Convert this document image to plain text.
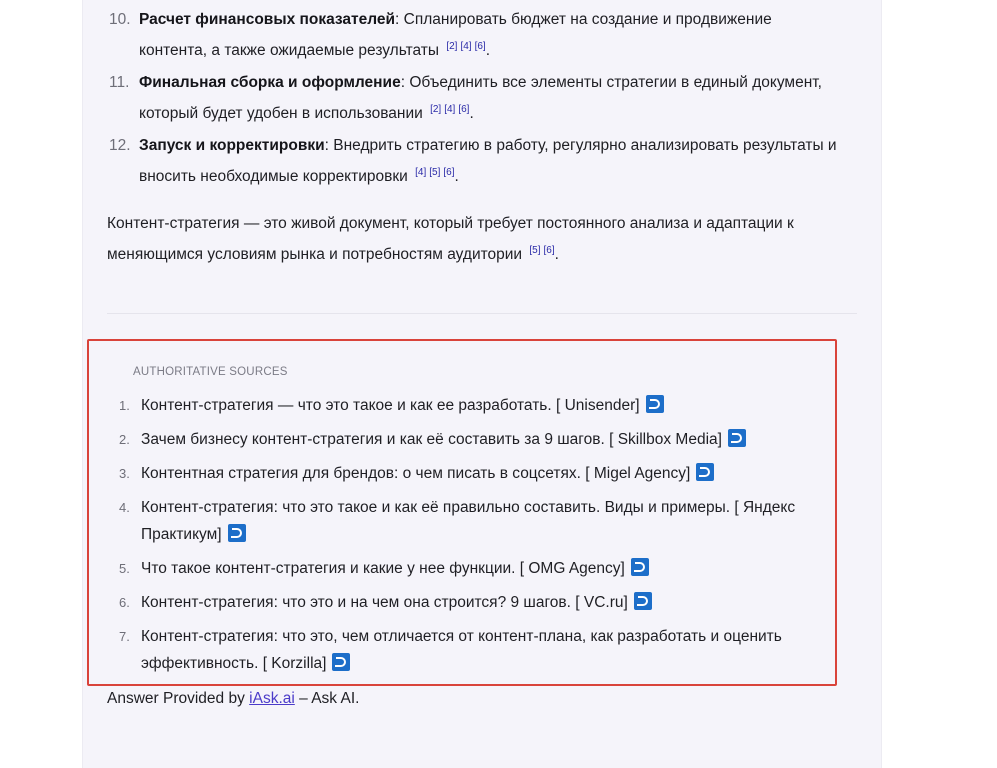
10. Расчет финансовых показателей: Спланировать бюджет на создание и продвижение контента, а также ожидаемые результаты [2] [4] [6].
11. Финальная сборка и оформление: Объединить все элементы стратегии в единый документ, который будет удобен в использовании [2] [4] [6].
12. Запуск и корректировки: Внедрить стратегию в работу, регулярно анализировать результаты и вносить необходимые корректировки [4] [5] [6].

Контент-стратегия — это живой документ, который требует постоянного анализа и адаптации к меняющимся условиям рынка и потребностям аудитории [5] [6].

AUTHORITATIVE SOURCES
1. Контент-стратегия — что это такое и как ее разработать. [ Unisender]
2. Зачем бизнесу контент-стратегия и как её составить за 9 шагов. [ Skillbox Media]
3. Контентная стратегия для брендов: о чем писать в соцсетях. [ Migel Agency]
4. Контент-стратегия: что это такое и как её правильно составить. Виды и примеры. [ Яндекс Практикум]
5. Что такое контент-стратегия и какие у нее функции. [ OMG Agency]
6. Контент-стратегия: что это и на чем она строится? 9 шагов. [ VC.ru]
7. Контент-стратегия: что это, чем отличается от контент-плана, как разработать и оценить эффективность. [ Korzilla]
Answer Provided by iAsk.ai – Ask AI.
